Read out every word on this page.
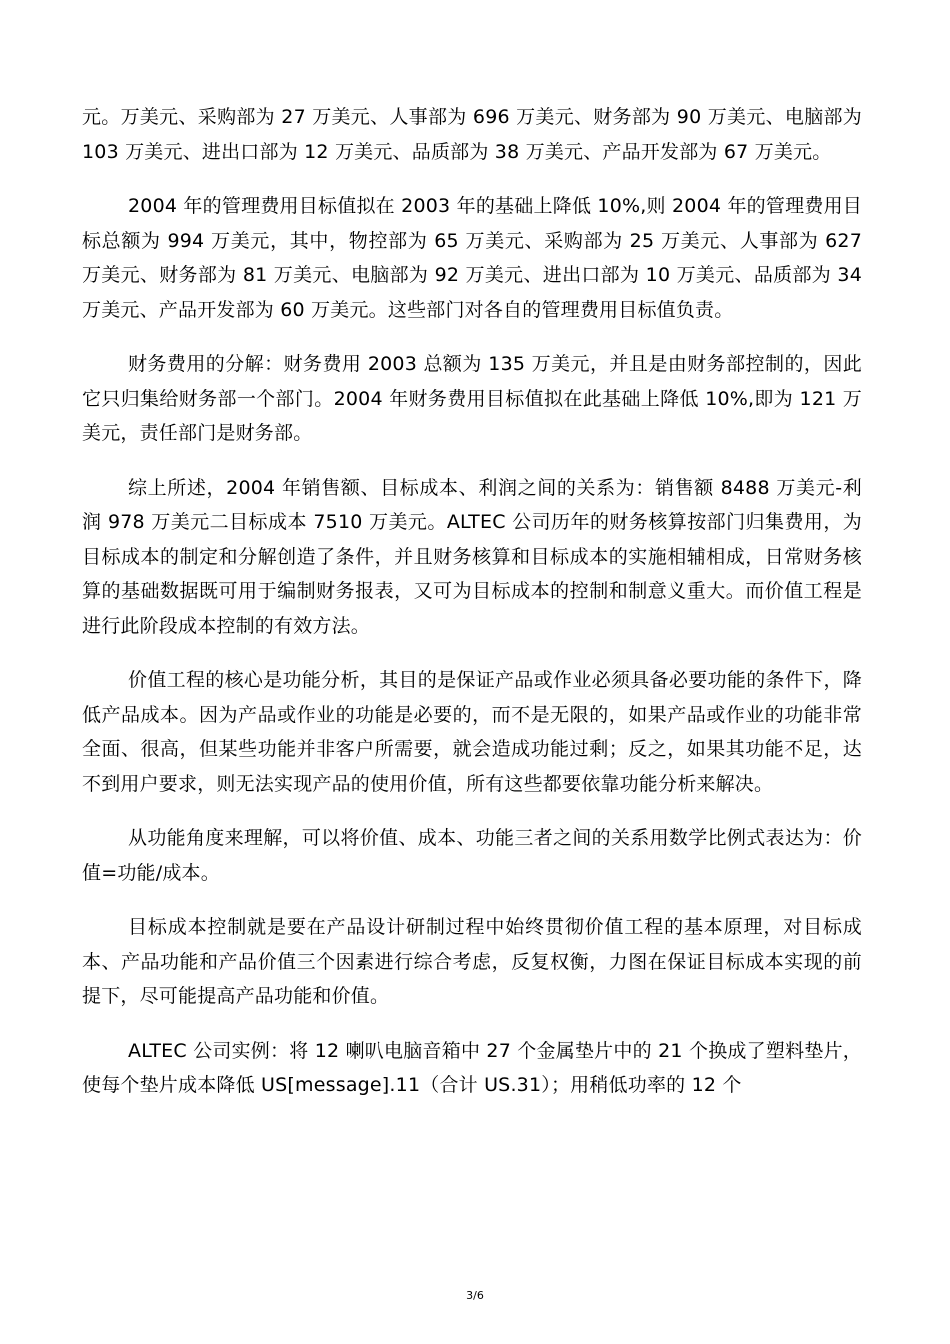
元。万美元、采购部为 27 万美元、人事部为 696 万美元、财务部为 90 万美元、电脑部为 103 万美元、进出口部为 12 万美元、品质部为 38 万美元、产品开发部为 67 万美元。

2004 年的管理费用目标值拟在 2003 年的基础上降低 10%,则 2004 年的管理费用目标总额为 994 万美元，其中，物控部为 65 万美元、采购部为 25 万美元、人事部为 627 万美元、财务部为 81 万美元、电脑部为 92 万美元、进出口部为 10 万美元、品质部为 34 万美元、产品开发部为 60 万美元。这些部门对各自的管理费用目标值负责。

财务费用的分解：财务费用 2003 总额为 135 万美元，并且是由财务部控制的，因此它只归集给财务部一个部门。2004 年财务费用目标值拟在此基础上降低 10%,即为 121 万美元，责任部门是财务部。

综上所述，2004 年销售额、目标成本、利润之间的关系为：销售额 8488 万美元-利润 978 万美元二目标成本 7510 万美元。ALTEC 公司历年的财务核算按部门归集费用，为目标成本的制定和分解创造了条件，并且财务核算和目标成本的实施相辅相成，日常财务核算的基础数据既可用于编制财务报表，又可为目标成本的控制和制意义重大。而价值工程是进行此阶段成本控制的有效方法。

价值工程的核心是功能分析，其目的是保证产品或作业必须具备必要功能的条件下，降低产品成本。因为产品或作业的功能是必要的，而不是无限的，如果产品或作业的功能非常全面、很高，但某些功能并非客户所需要，就会造成功能过剩；反之，如果其功能不足，达不到用户要求，则无法实现产品的使用价值，所有这些都要依靠功能分析来解决。

从功能角度来理解，可以将价值、成本、功能三者之间的关系用数学比例式表达为：价值=功能/成本。

目标成本控制就是要在产品设计研制过程中始终贯彻价值工程的基本原理，对目标成本、产品功能和产品价值三个因素进行综合考虑，反复权衡，力图在保证目标成本实现的前提下，尽可能提高产品功能和价值。

ALTEC 公司实例：将 12 喇叭电脑音箱中 27 个金属垫片中的 21 个换成了塑料垫片，使每个垫片成本降低 US[message].11（合计 US.31）；用稍低功率的 12 个

3/6
